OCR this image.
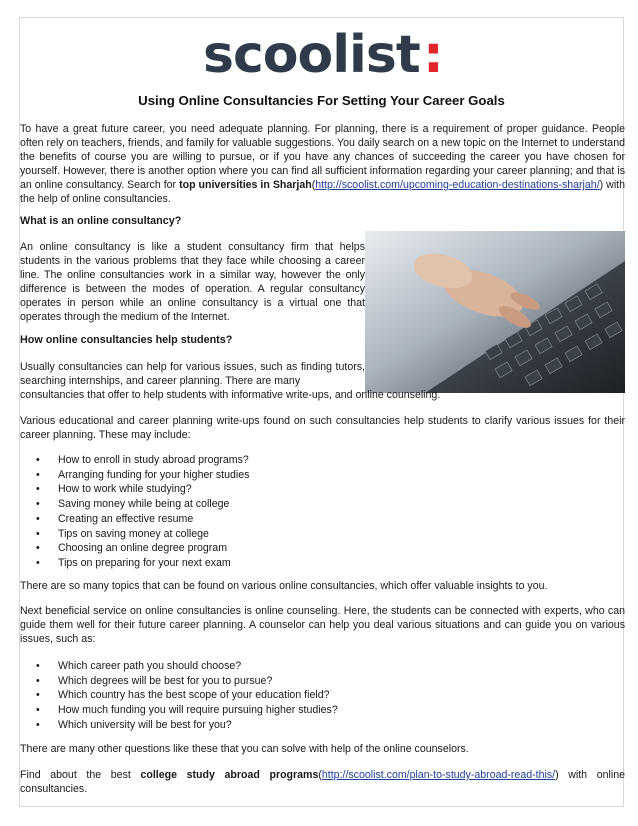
scoolist :
Using Online Consultancies For Setting Your Career Goals
To have a great future career, you need adequate planning. For planning, there is a requirement of proper guidance. People often rely on teachers, friends, and family for valuable suggestions. You daily search on a new topic on the Internet to understand the benefits of course you are willing to pursue, or if you have any chances of succeeding the career you have chosen for yourself. However, there is another option where you can find all sufficient information regarding your career planning; and that is an online consultancy. Search for top universities in Sharjah(http://scoolist.com/upcoming-education-destinations-sharjah/) with the help of online consultancies.
What is an online consultancy?
An online consultancy is like a student consultancy firm that helps students in the various problems that they face while choosing a career line. The online consultancies work in a similar way, however the only difference is between the modes of operation. A regular consultancy operates in person while an online consultancy is a virtual one that operates through the medium of the Internet.
How online consultancies help students?
Usually consultancies can help for various issues, such as finding tutors, searching internships, and career planning. There are many
consultancies that offer to help students with informative write-ups, and online counseling.
Various educational and career planning write-ups found on such consultancies help students to clarify various issues for their career planning. These may include:
• How to enroll in study abroad programs?
• Arranging funding for your higher studies
• How to work while studying?
• Saving money while being at college
• Creating an effective resume
• Tips on saving money at college
• Choosing an online degree program
• Tips on preparing for your next exam
There are so many topics that can be found on various online consultancies, which offer valuable insights to you.
Next beneficial service on online consultancies is online counseling. Here, the students can be connected with experts, who can guide them well for their future career planning. A counselor can help you deal various situations and can guide you on various issues, such as:
• Which career path you should choose?
• Which degrees will be best for you to pursue?
• Which country has the best scope of your education field?
• How much funding you will require pursuing higher studies?
• Which university will be best for you?
There are many other questions like these that you can solve with help of the online counselors.
Find about the best college study abroad programs(http://scoolist.com/plan-to-study-abroad-read-this/) with online consultancies.
